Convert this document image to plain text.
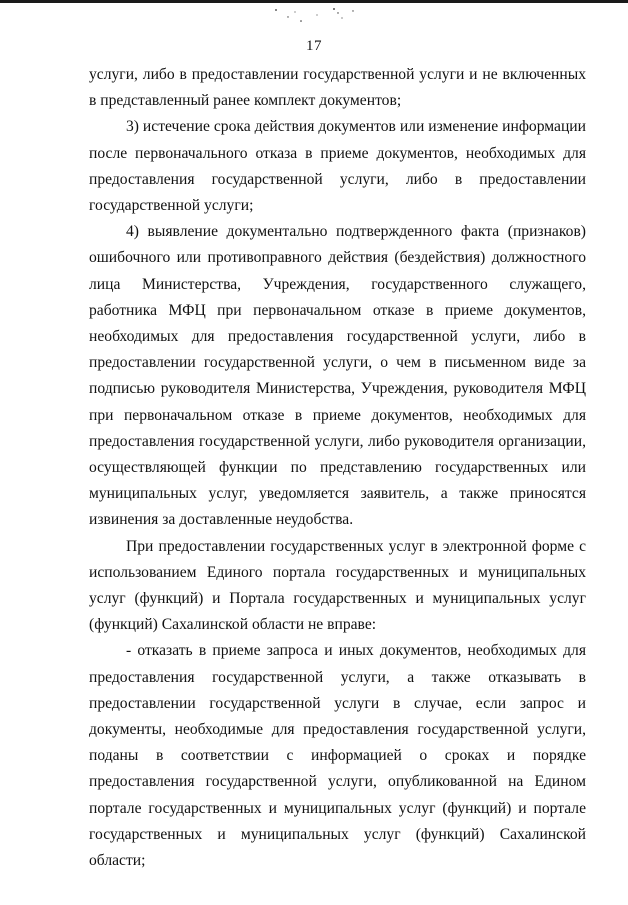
17

услуги, либо в предоставлении государственной услуги и не включенных в представленный ранее комплект документов;

3) истечение срока действия документов или изменение информации после первоначального отказа в приеме документов, необходимых для предоставления государственной услуги, либо в предоставлении государственной услуги;

4) выявление документально подтвержденного факта (признаков) ошибочного или противоправного действия (бездействия) должностного лица Министерства, Учреждения, государственного служащего, работника МФЦ при первоначальном отказе в приеме документов, необходимых для предоставления государственной услуги, либо в предоставлении государственной услуги, о чем в письменном виде за подписью руководителя Министерства, Учреждения, руководителя МФЦ при первоначальном отказе в приеме документов, необходимых для предоставления государственной услуги, либо руководителя организации, осуществляющей функции по представлению государственных или муниципальных услуг, уведомляется заявитель, а также приносятся извинения за доставленные неудобства.

При предоставлении государственных услуг в электронной форме с использованием Единого портала государственных и муниципальных услуг (функций) и Портала государственных и муниципальных услуг (функций) Сахалинской области не вправе:

- отказать в приеме запроса и иных документов, необходимых для предоставления государственной услуги, а также отказывать в предоставлении государственной услуги в случае, если запрос и документы, необходимые для предоставления государственной услуги, поданы в соответствии с информацией о сроках и порядке предоставления государственной услуги, опубликованной на Едином портале государственных и муниципальных услуг (функций) и портале государственных и муниципальных услуг (функций) Сахалинской области;
